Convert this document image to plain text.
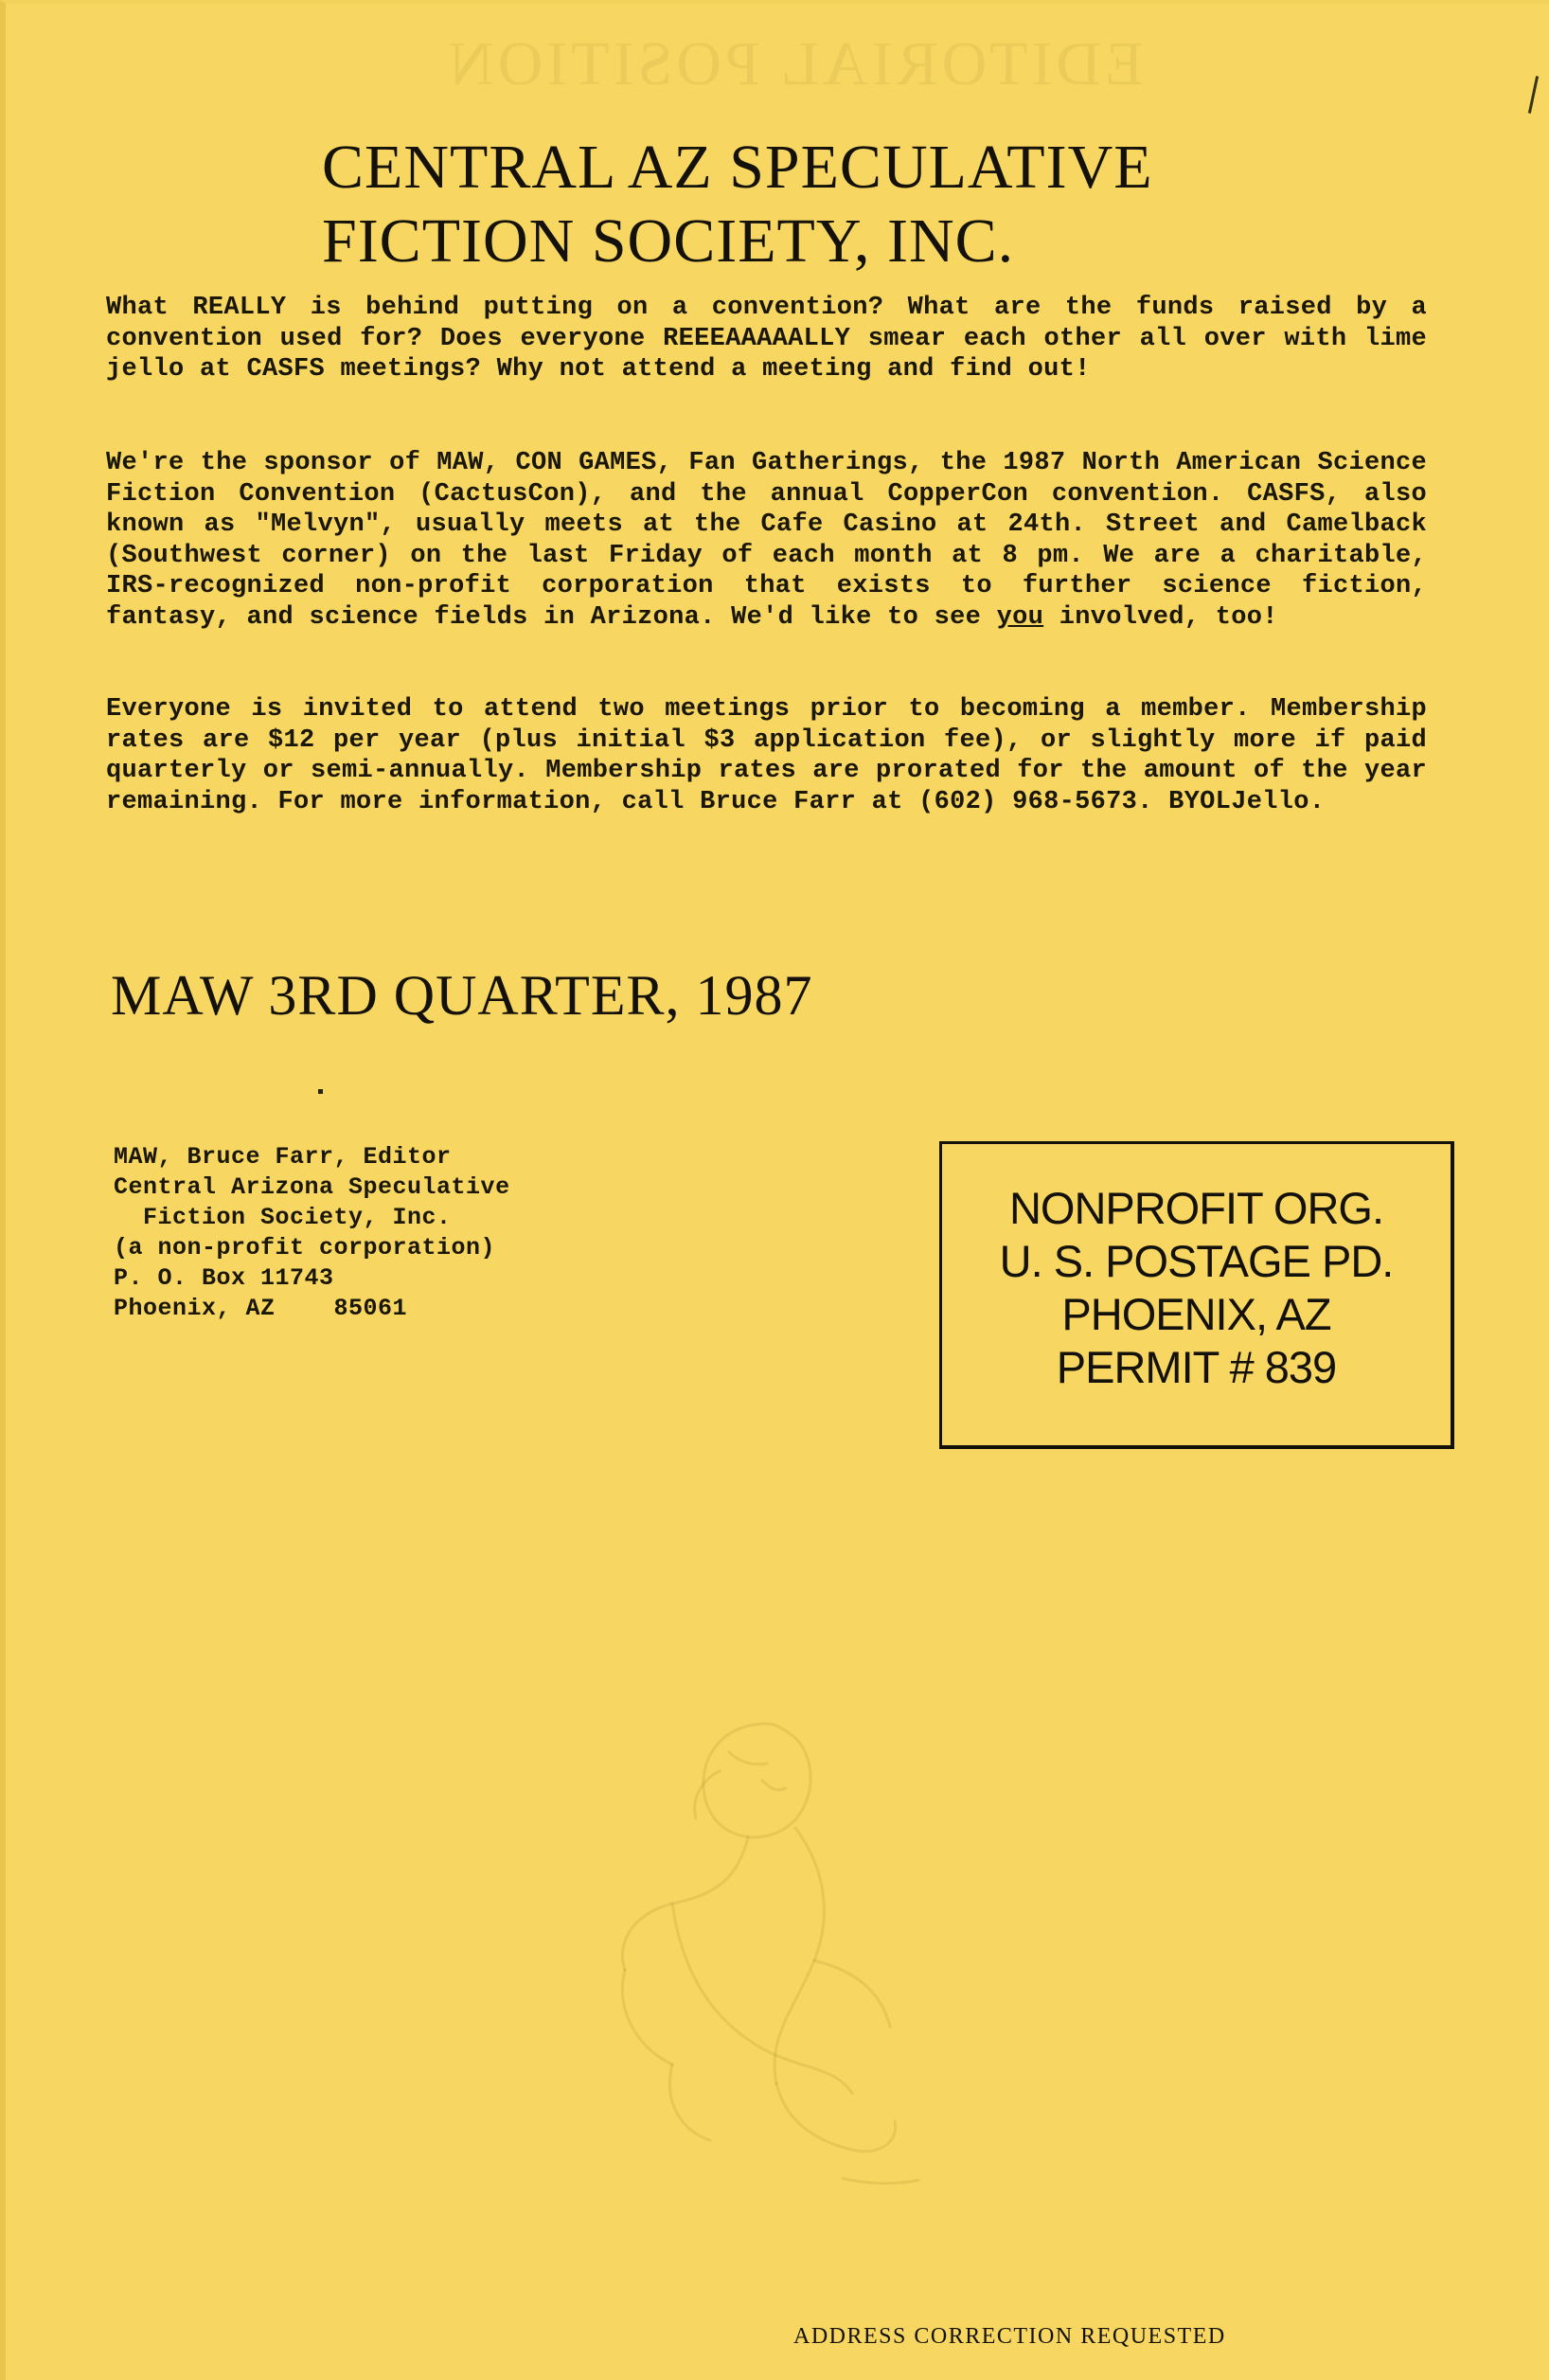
EDITORIAL POSITION
CENTRAL AZ SPECULATIVE
FICTION SOCIETY, INC.

What REALLY is behind putting on a convention? What are the funds raised by a convention used for? Does everyone REEEAAAAALLY smear each other all over with lime jello at CASFS meetings? Why not attend a meeting and find out!

We're the sponsor of MAW, CON GAMES, Fan Gatherings, the 1987 North American Science Fiction Convention (CactusCon), and the annual CopperCon convention. CASFS, also known as "Melvyn", usually meets at the Cafe Casino at 24th. Street and Camelback (Southwest corner) on the last Friday of each month at 8 pm. We are a charitable, IRS-recognized non-profit corporation that exists to further science fiction, fantasy, and science fields in Arizona. We'd like to see you involved, too!

Everyone is invited to attend two meetings prior to becoming a member. Membership rates are $12 per year (plus initial $3 application fee), or slightly more if paid quarterly or semi-annually. Membership rates are prorated for the amount of the year remaining. For more information, call Bruce Farr at (602) 968-5673. BYOLJello.

MAW 3RD QUARTER, 1987
MAW, Bruce Farr, Editor
Central Arizona Speculative
Fiction Society, Inc.
(a non-profit corporation)
P. O. Box 11743
Phoenix, AZ    85061
NONPROFIT ORG.
U. S. POSTAGE PD.
PHOENIX, AZ
PERMIT # 839
ADDRESS CORRECTION REQUESTED
